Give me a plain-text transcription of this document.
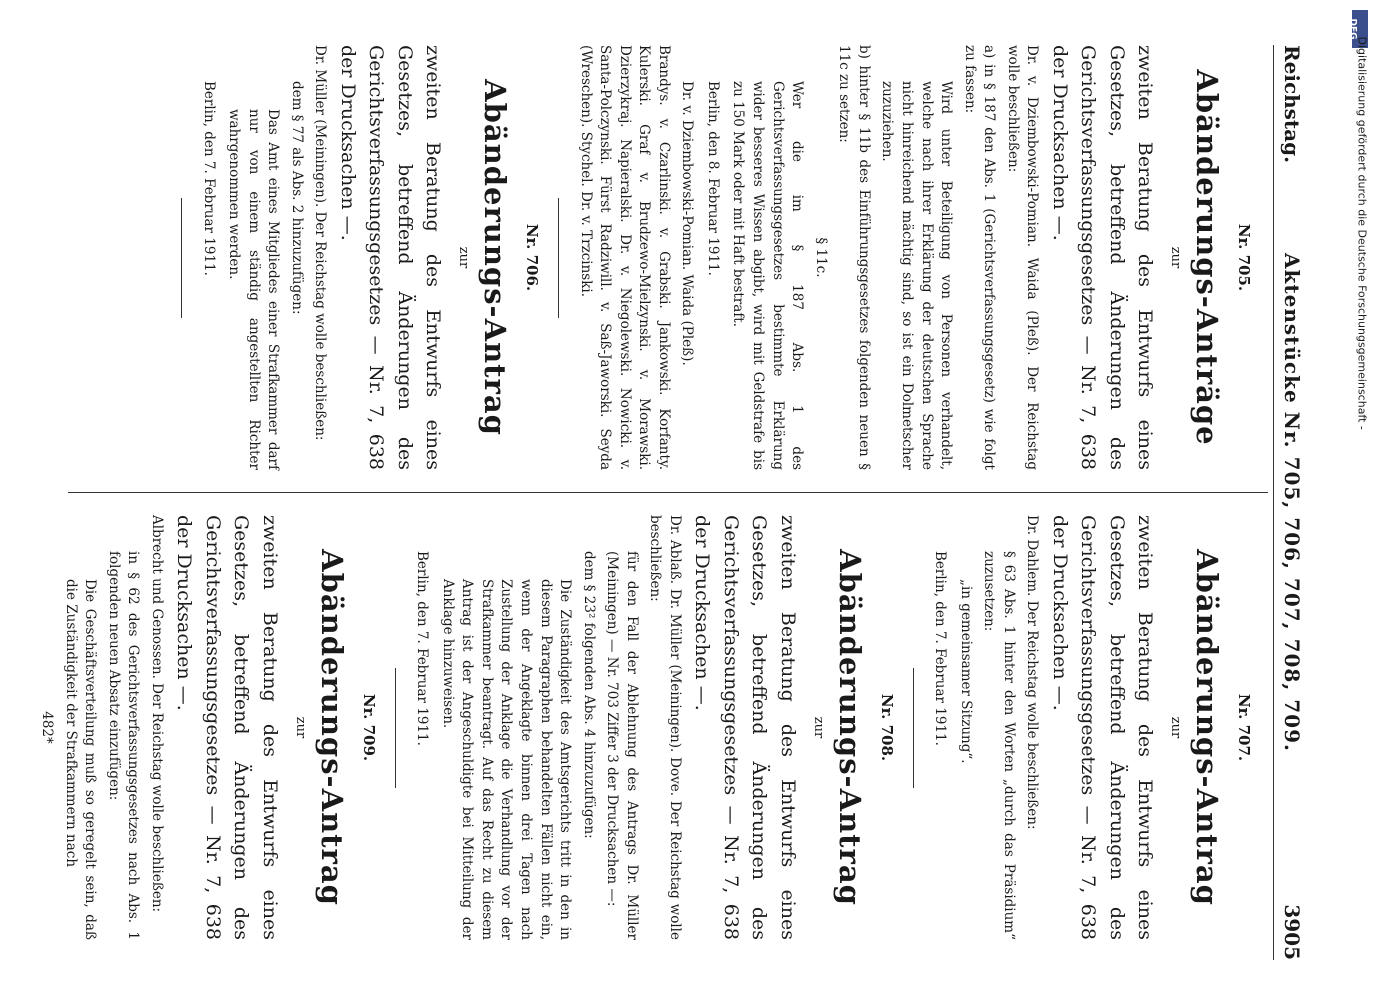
Reichstag.
Aktenstücke Nr. 705, 706, 707, 708, 709.
3905
Nr. 705.
Abänderungs-Anträge
zur

zweiten Beratung des Entwurfs eines Gesetzes, betreffend Änderungen des Gerichtsverfassungsgesetzes — Nr. 7, 638 der Drucksachen —.

Dr. v. Dziembowski-Pomian. Waida (Pleß). Der Reichstag wolle beschließen:

a) in § 187 den Abs. 1 (Gerichtsverfassungsgesetz) wie folgt zu fassen:

Wird unter Beteiligung von Personen verhandelt, welche nach ihrer Erklärung der deutschen Sprache nicht hinreichend mächtig sind, so ist ein Dolmetscher zuzuziehen.

b) hinter § 11b des Einführungsgesetzes folgenden neuen § 11c zu setzen:

§ 11c.

Wer die im § 187 Abs. 1 des Gerichtsverfassungsgesetzes bestimmte Erklärung wider besseres Wissen abgibt, wird mit Geldstrafe bis zu 150 Mark oder mit Haft bestraft.

Berlin, den 8. Februar 1911.

Dr. v. Dziembowski-Pomian. Waida (Pleß).

Brandys. v. Czarlinski. v. Grabski. Jankowski. Korfanty. Kulerski. Graf v. Brudzewo-Mielzynski. v. Morawski. Dzierzykraj. Napieralski. Dr. v. Niegolewski. Nowicki. v. Santa-Polczynski. Fürst Radziwill. v. Saß-Jaworski. Seyda (Wreschen). Stychel. Dr. v. Trzcinski.

Nr. 706.
Abänderungs-Antrag
zur

zweiten Beratung des Entwurfs eines Gesetzes, betreffend Änderungen des Gerichtsverfassungsgesetzes — Nr. 7, 638 der Drucksachen —.

Dr. Müller (Meiningen). Der Reichstag wolle beschließen:

dem § 77 als Abs. 2 hinzuzufügen:

Das Amt eines Mitgliedes einer Strafkammer darf nur von einem ständig angestellten Richter wahrgenommen werden.

Berlin, den 7. Februar 1911.

Nr. 707.
Abänderungs-Antrag
zur

zweiten Beratung des Entwurfs eines Gesetzes, betreffend Änderungen des Gerichtsverfassungsgesetzes — Nr. 7, 638 der Drucksachen —.

Dr. Dahlem. Der Reichstag wolle beschließen:

§ 63 Abs. 1 hinter den Worten „durch das Präsidium“ zuzusetzen:

„in gemeinsamer Sitzung“.

Berlin, den 7. Februar 1911.

Nr. 708.
Abänderungs-Antrag
zur

zweiten Beratung des Entwurfs eines Gesetzes, betreffend Änderungen des Gerichtsverfassungsgesetzes — Nr. 7, 638 der Drucksachen —.

Dr. Ablaß. Dr. Müller (Meiningen). Dove. Der Reichstag wolle beschließen:

für den Fall der Ablehnung des Antrags Dr. Müller (Meiningen) — Nr. 703 Ziffer 3 der Drucksachen —:

dem § 23² folgenden Abs. 4 hinzuzufügen:

Die Zuständigkeit des Amtsgerichts tritt in den in diesem Paragraphen behandelten Fällen nicht ein, wenn der Angeklagte binnen drei Tagen nach Zustellung der Anklage die Verhandlung vor der Strafkammer beantragt. Auf das Recht zu diesem Antrag ist der Angeschuldigte bei Mitteilung der Anklage hinzuweisen.

Berlin, den 7. Februar 1911.

Nr. 709.
Abänderungs-Antrag
zur

zweiten Beratung des Entwurfs eines Gesetzes, betreffend Änderungen des Gerichtsverfassungsgesetzes — Nr. 7, 638 der Drucksachen —.

Albrecht und Genossen. Der Reichstag wolle beschließen:

in § 62 des Gerichtsverfassungsgesetzes nach Abs. 1 folgenden neuen Absatz einzufügen:

Die Geschäftsverteilung muß so geregelt sein, daß die Zuständigkeit der Strafkammern nach

482*

DFG
Digitalisierung gefördert durch die Deutsche Forschungsgemeinschaft -
